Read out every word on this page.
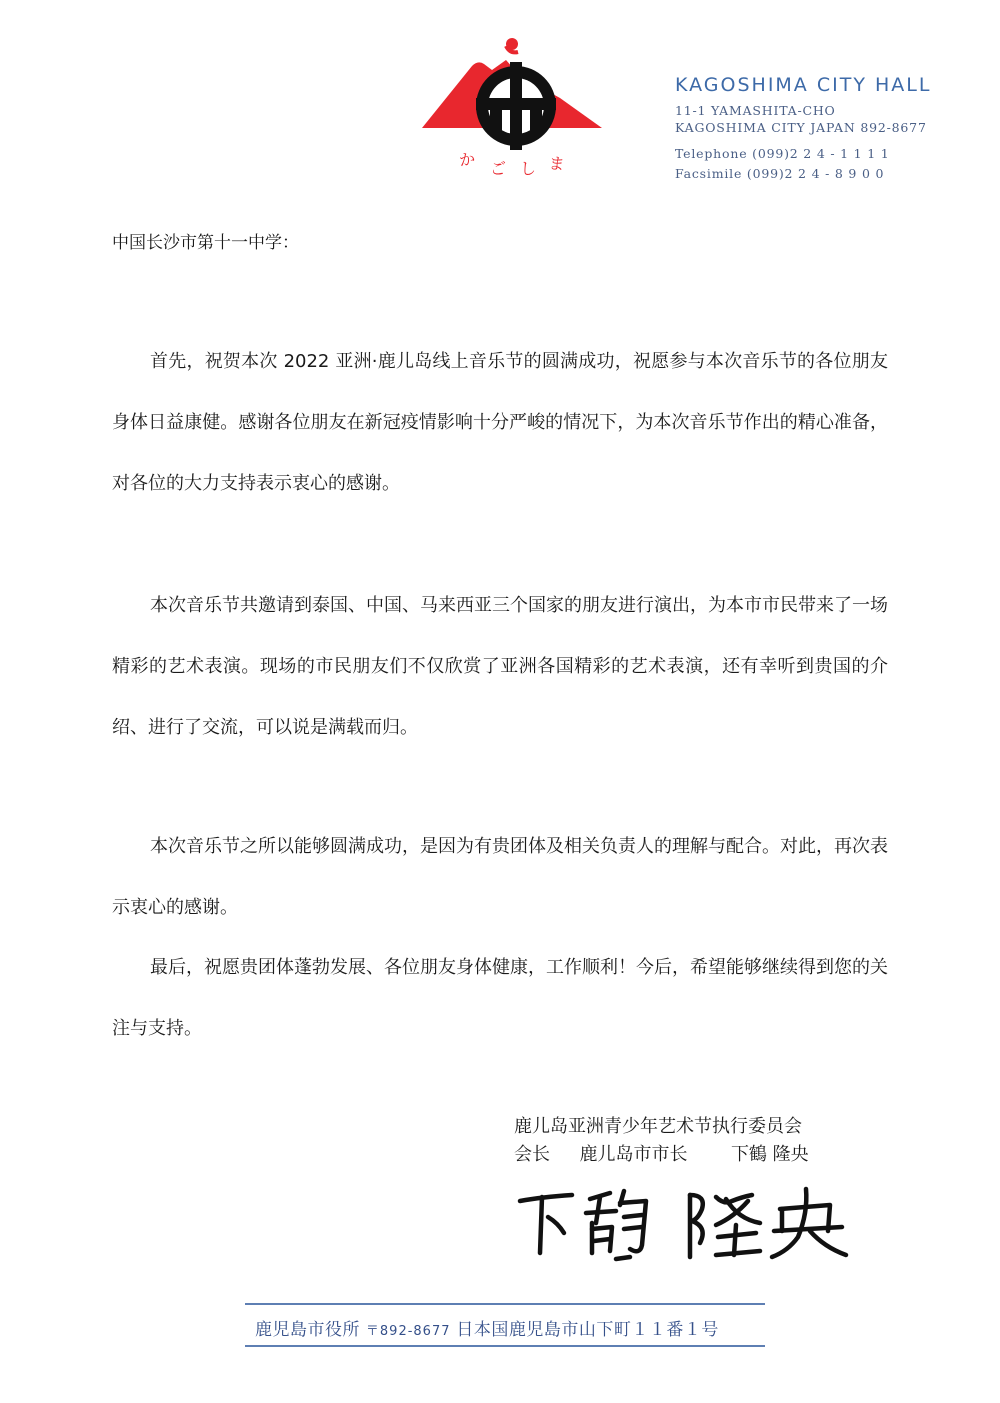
か ご し ま
KAGOSHIMA CITY HALL
11-1 YAMASHITA-CHO
KAGOSHIMA CITY JAPAN 892-8677
Telephone (099)2 2 4 - 1 1 1 1
Facsimile (099)2 2 4 - 8 9 0 0
中国长沙市第十一中学：

首先，祝贺本次 2022 亚洲·鹿儿岛线上音乐节的圆满成功，祝愿参与本次音乐节的各位朋友身体日益康健。感谢各位朋友在新冠疫情影响十分严峻的情况下，为本次音乐节作出的精心准备，对各位的大力支持表示衷心的感谢。

本次音乐节共邀请到泰国、中国、马来西亚三个国家的朋友进行演出，为本市市民带来了一场精彩的艺术表演。现场的市民朋友们不仅欣赏了亚洲各国精彩的艺术表演，还有幸听到贵国的介绍、进行了交流，可以说是满载而归。

本次音乐节之所以能够圆满成功，是因为有贵团体及相关负责人的理解与配合。对此，再次表示衷心的感谢。

最后，祝愿贵团体蓬勃发展、各位朋友身体健康，工作顺利！今后，希望能够继续得到您的关注与支持。

鹿儿岛亚洲青少年艺术节执行委员会
会长 鹿儿岛市市长 下鶴 隆央
鹿児島市役所 〒892-8677 日本国鹿児島市山下町１１番１号
